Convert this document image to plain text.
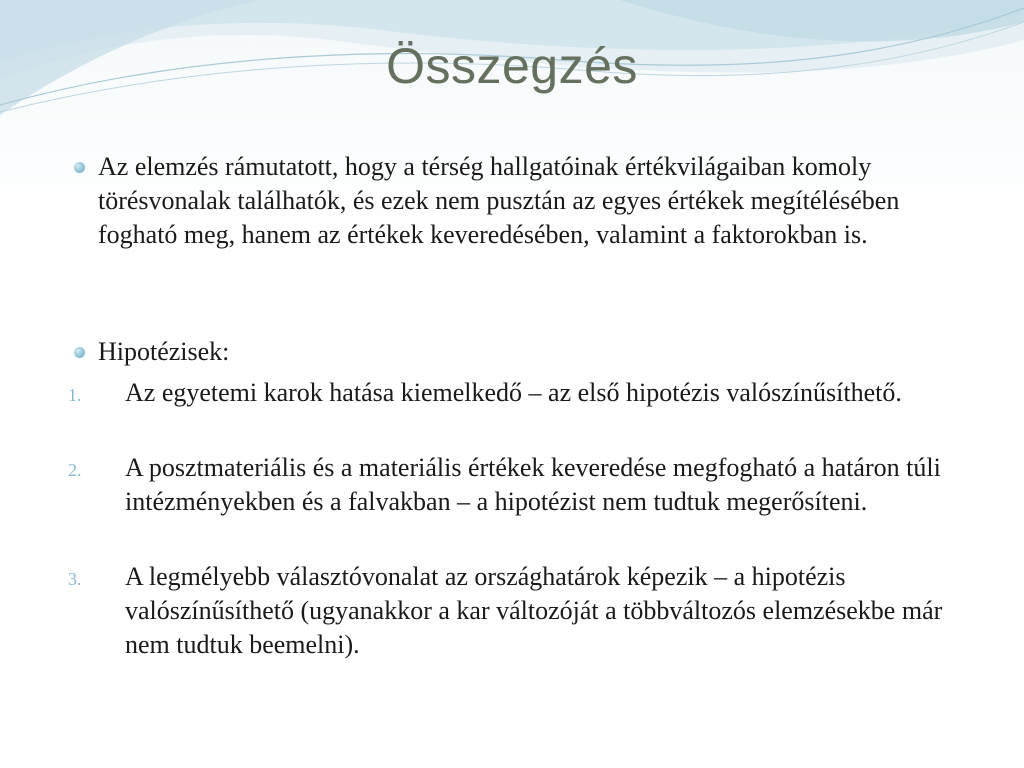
Összegzés
Az elemzés rámutatott, hogy a térség hallgatóinak értékvilágaiban komoly törésvonalak találhatók, és ezek nem pusztán az egyes értékek megítélésében fogható meg, hanem az értékek keveredésében, valamint a faktorokban is.
Hipotézisek:
1. Az egyetemi karok hatása kiemelkedő – az első hipotézis valószínűsíthető.
2. A posztmateriális és a materiális értékek keveredése megfogható a határon túli intézményekben és a falvakban – a hipotézist nem tudtuk megerősíteni.
3. A legmélyebb választóvonalat az országhatárok képezik – a hipotézis valószínűsíthető (ugyanakkor a kar változóját a többváltozós elemzésekbe már nem tudtuk beemelni).
